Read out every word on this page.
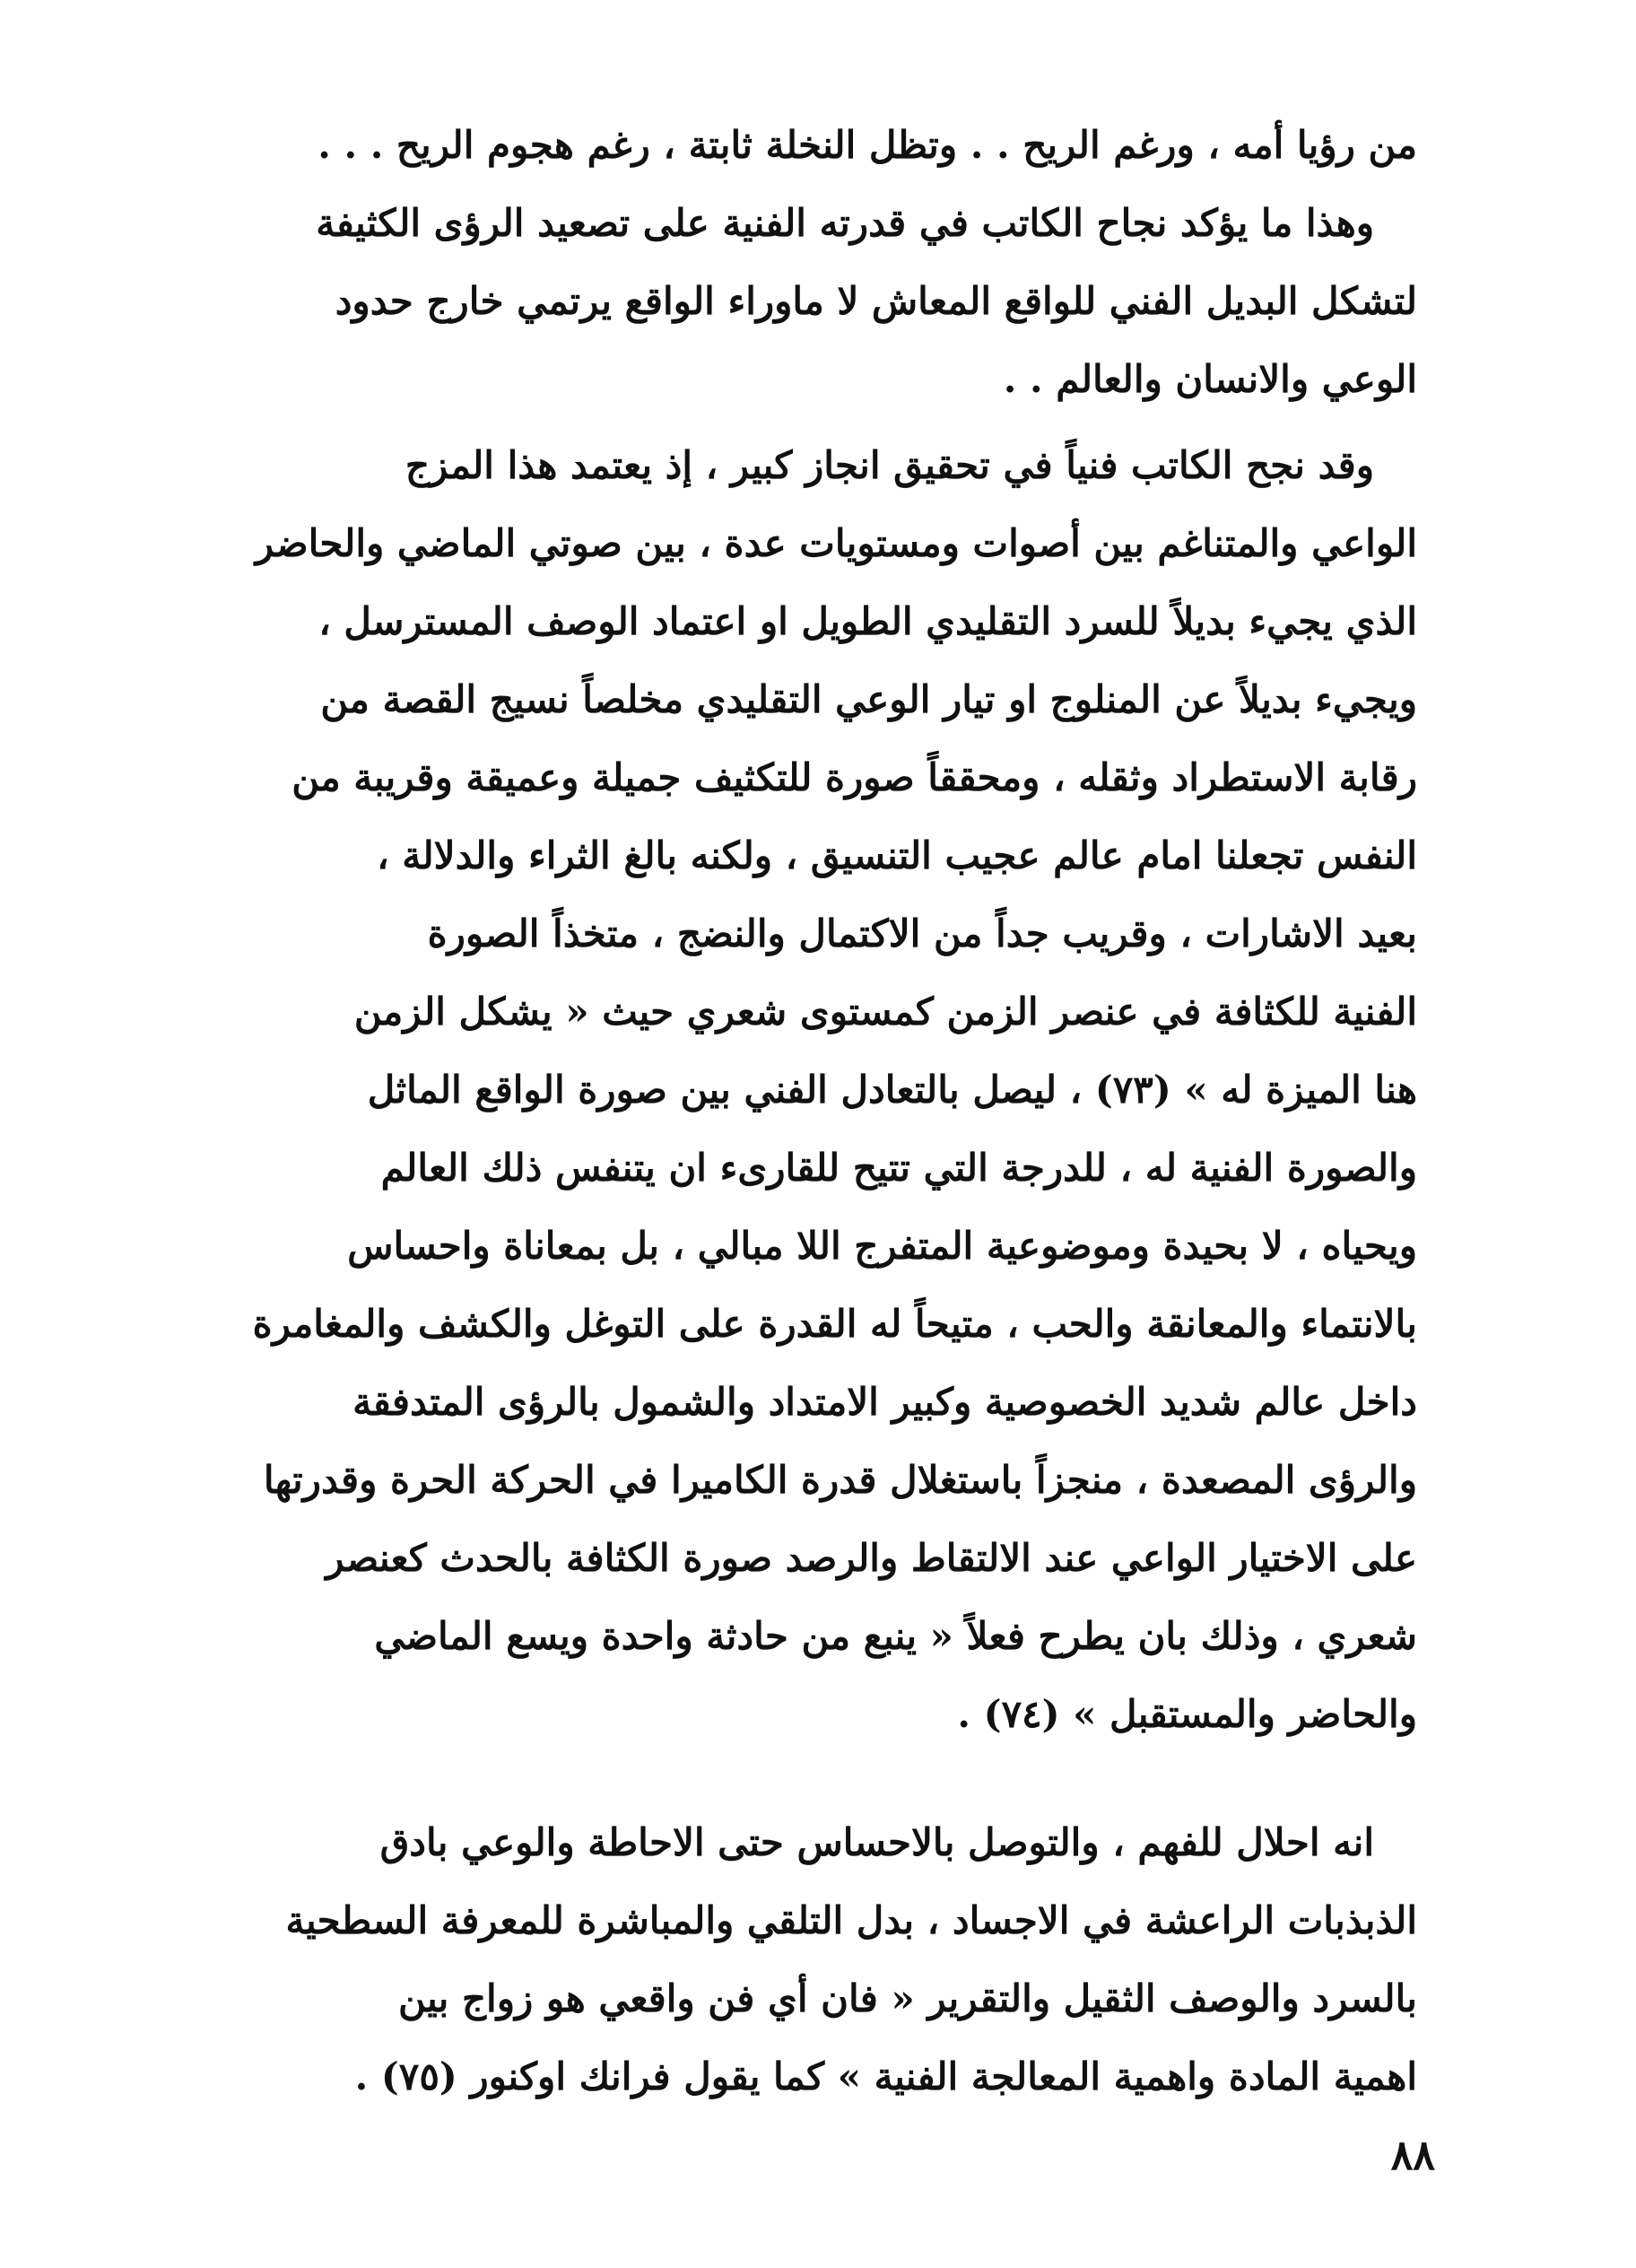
من رؤيا أمه ، ورغم الريح . . وتظل النخلة ثابتة ، رغم هجوم الريح . . .
وهذا ما يؤكد نجاح الكاتب في قدرته الفنية على تصعيد الرؤى الكثيفة
لتشكل البديل الفني للواقع المعاش لا ماوراء الواقع يرتمي خارج حدود
الوعي والانسان والعالم . .
وقد نجح الكاتب فنياً في تحقيق انجاز كبير ، إذ يعتمد هذا المزج
الواعي والمتناغم بين أصوات ومستويات عدة ، بين صوتي الماضي والحاضر
الذي يجيء بديلاً للسرد التقليدي الطويل او اعتماد الوصف المسترسل ،
ويجيء بديلاً عن المنلوج او تيار الوعي التقليدي مخلصاً نسيج القصة من
رقابة الاستطراد وثقله ، ومحققاً صورة للتكثيف جميلة وعميقة وقريبة من
النفس تجعلنا امام عالم عجيب التنسيق ، ولكنه بالغ الثراء والدلالة ،
بعيد الاشارات ، وقريب جداً من الاكتمال والنضج ، متخذاً الصورة
الفنية للكثافة في عنصر الزمن كمستوى شعري حيث « يشكل الزمن
هنا الميزة له » (٧٣) ، ليصل بالتعادل الفني بين صورة الواقع الماثل
والصورة الفنية له ، للدرجة التي تتيح للقارىء ان يتنفس ذلك العالم
ويحياه ، لا بحيدة وموضوعية المتفرج اللا مبالي ، بل بمعاناة واحساس
بالانتماء والمعانقة والحب ، متيحاً له القدرة على التوغل والكشف والمغامرة
داخل عالم شديد الخصوصية وكبير الامتداد والشمول بالرؤى المتدفقة
والرؤى المصعدة ، منجزاً باستغلال قدرة الكاميرا في الحركة الحرة وقدرتها
على الاختيار الواعي عند الالتقاط والرصد صورة الكثافة بالحدث كعنصر
شعري ، وذلك بان يطرح فعلاً « ينبع من حادثة واحدة ويسع الماضي
والحاضر والمستقبل » (٧٤) .
انه احلال للفهم ، والتوصل بالاحساس حتى الاحاطة والوعي بادق
الذبذبات الراعشة في الاجساد ، بدل التلقي والمباشرة للمعرفة السطحية
بالسرد والوصف الثقيل والتقرير « فان أي فن واقعي هو زواج بين
اهمية المادة واهمية المعالجة الفنية » كما يقول فرانك اوكنور (٧٥) .
٨٨
